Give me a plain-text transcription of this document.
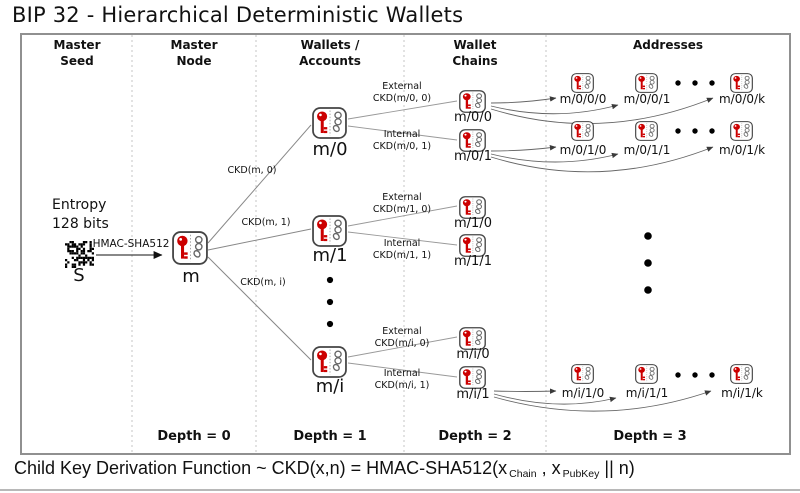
BIP 32 - Hierarchical Deterministic Wallets
Master
Seed
Master
Node
Wallets /
Accounts
Wallet
Chains
Addresses
Entropy
128 bits
S
HMAC-SHA512
m
CKD(m, 0)
CKD(m, 1)
CKD(m, i)
m/0
m/1
m/i
External
CKD(m/0, 0)
Internal
CKD(m/0, 1)
External
CKD(m/1, 0)
Internal
CKD(m/1, 1)
External
CKD(m/i, 0)
Internal
CKD(m/i, 1)
m/0/0
m/0/1
m/1/0
m/1/1
m/i/0
m/i/1
m/0/0/0 m/0/0/1	m/0/0/k
m/0/1/0 m/0/1/1	m/0/1/k
m/i/1/0 m/i/1/1	m/i/1/k
Depth = 0	Depth = 1	Depth = 2	Depth = 3
Child Key Derivation Function ~ CKD(x,n) = HMAC-SHA512(x $_{Chain}$ , x $_{PubKey}$ || n)
